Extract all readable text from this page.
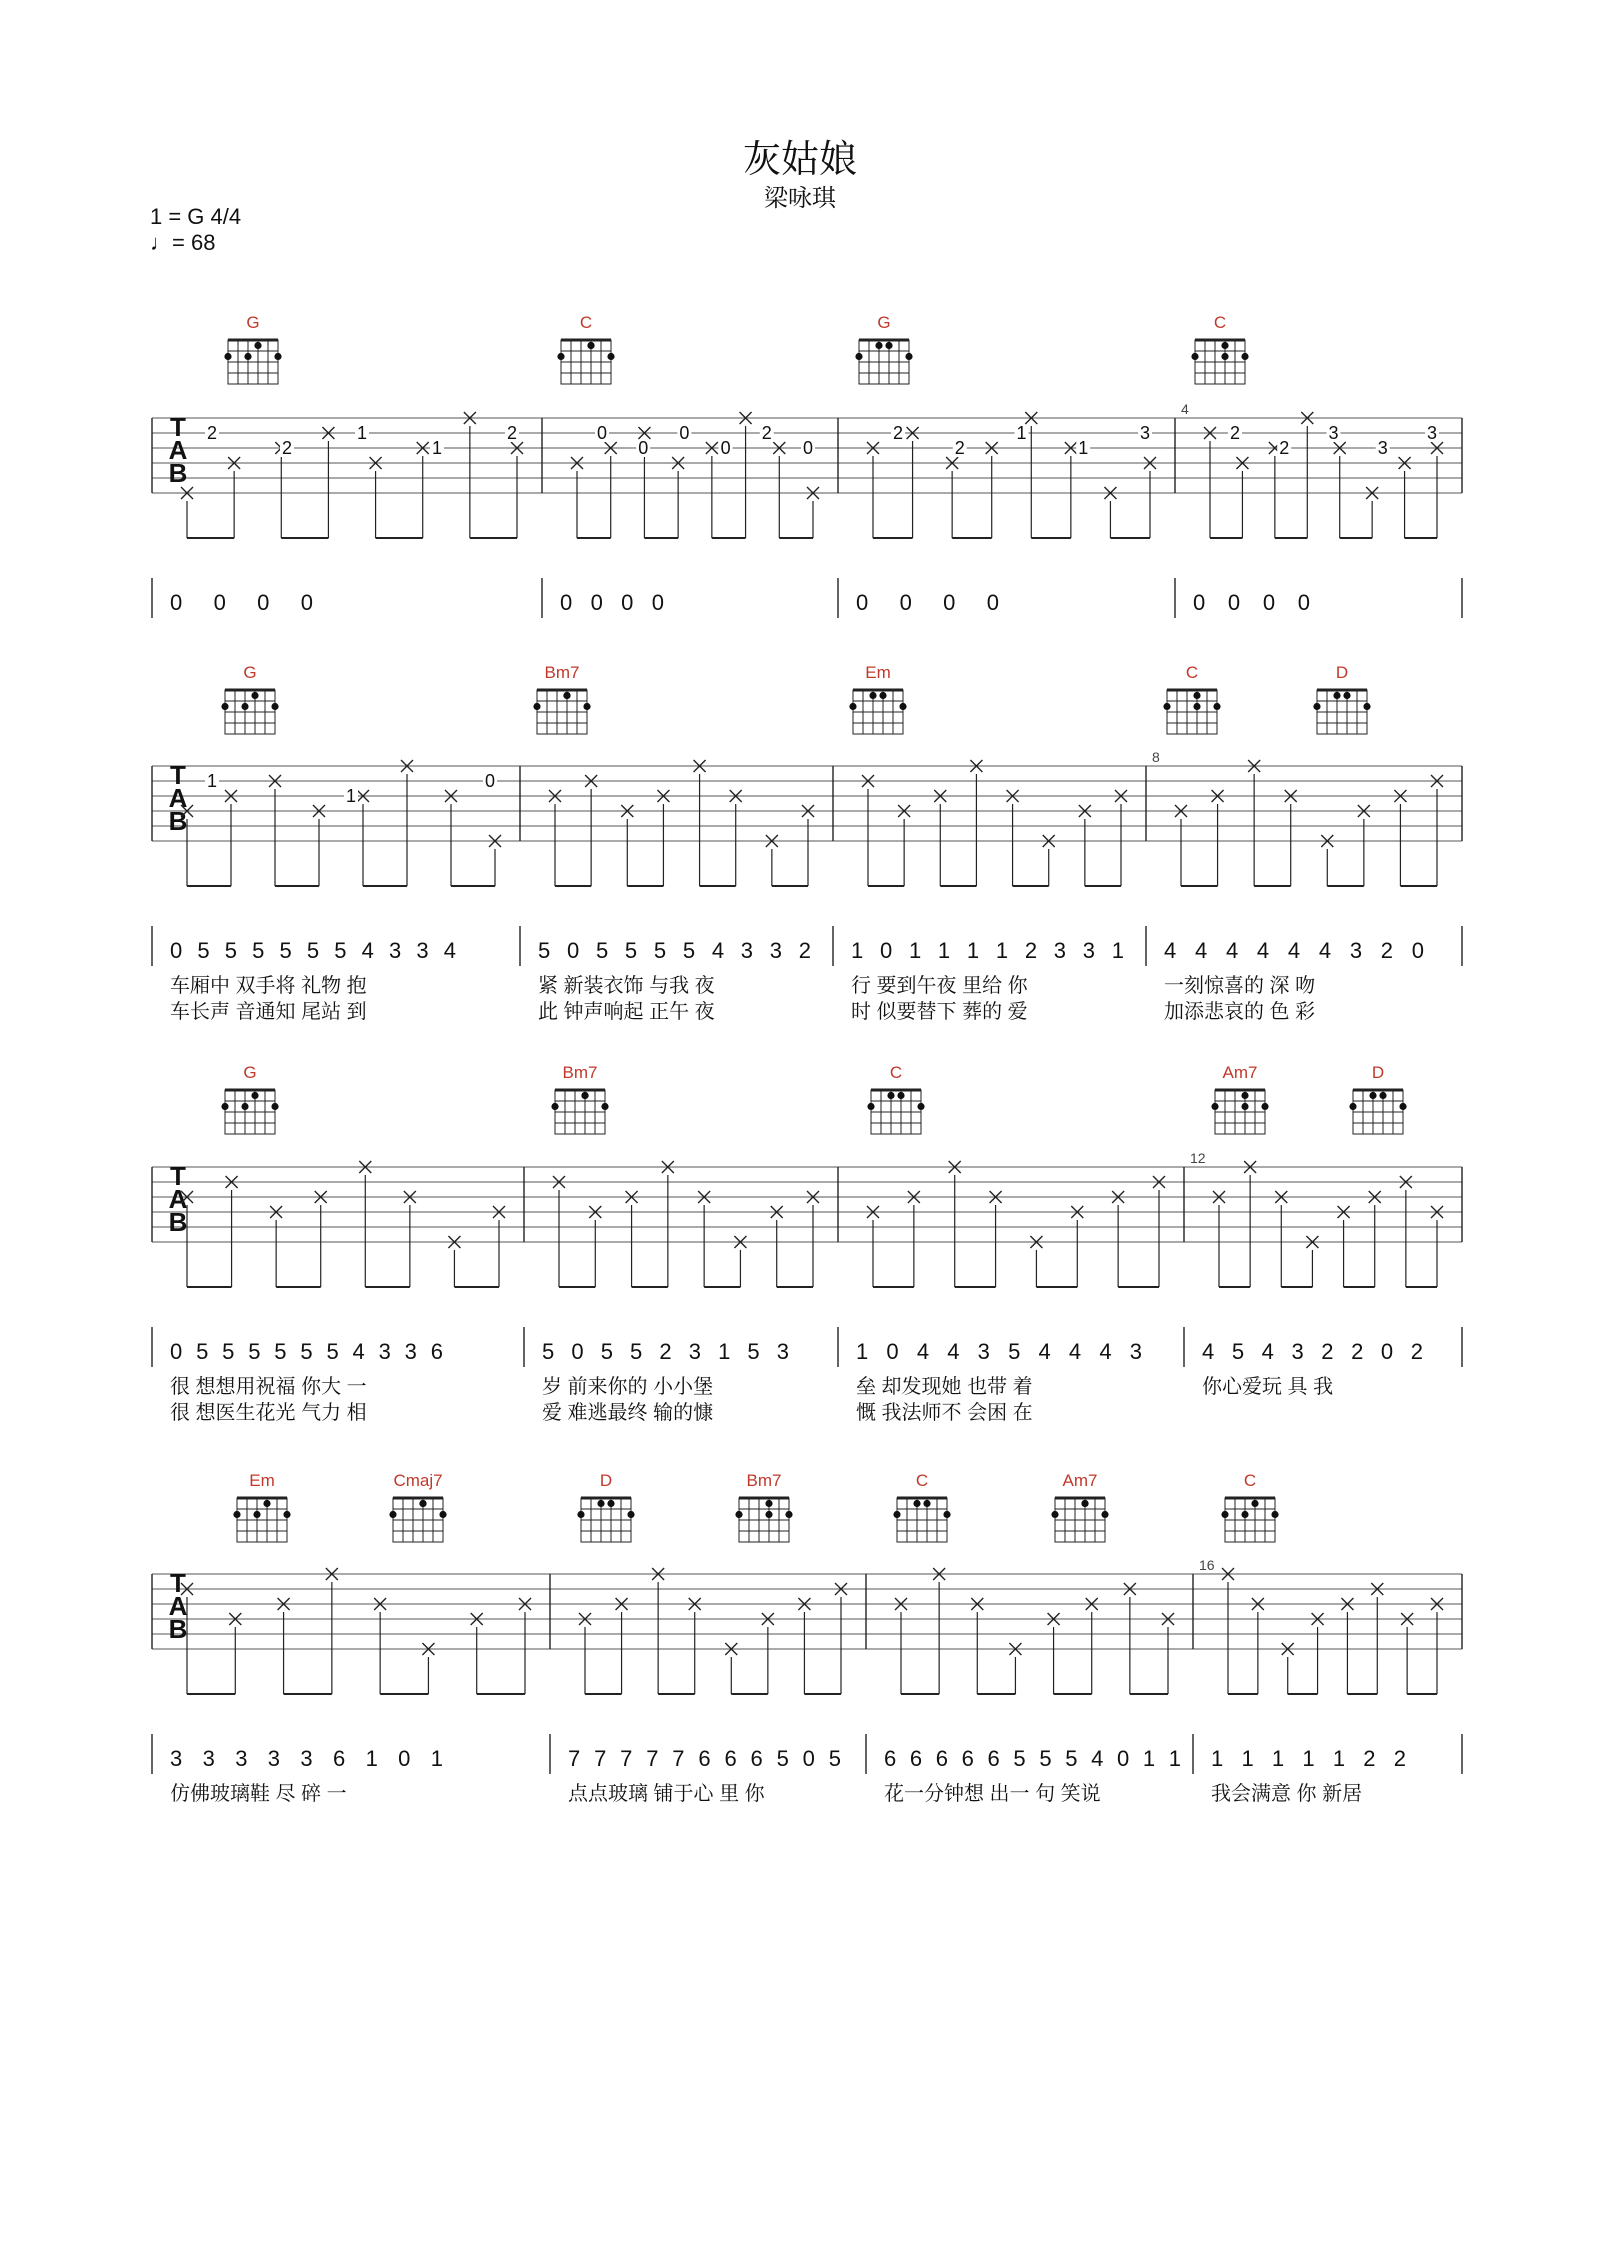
灰姑娘
梁咏琪
1 = G 4/4
♩= 68
G	C	G	C
T
A
B
2
2
1
1
2
0 0 0 0
0
0
0
0
2
0
0 0 0 0
2
2
1
1
3
0 0 0 0
4
2
2
3
3
3
0 0 0 0
G	Bm7	Em	C	D
T
A
B
1
1
0
0 5 5 5 5 5 5 4 3 3 4
车厢中 双手将 礼物 抱
车长声 音通知 尾站 到
5 0 5 5 5 5 4 3 3 2
紧 新装衣饰 与我 夜
此 钟声响起 正午 夜
1 0 1 1 1 1 2 3 3 1
行 要到午夜 里给 你
时 似要替下 葬的 爱
8
4 4 4 4 4 4 3 2 0
一刻惊喜的 深 吻
加添悲哀的 色 彩
G	Bm7	C	Am7	D
T
A
B
0 5 5 5 5 5 5 4 3 3 6
很 想想用祝福 你大 一
很 想医生花光 气力 相
5 0 5 5 2 3 1 5 3
岁 前来你的 小小堡
爱 难逃最终 输的慷
1 0 4 4 3 5 4 4 4 3
垒 却发现她 也带 着
慨 我法师不 会困 在
12
4 5 4 3 2 2 0 2
你心爱玩 具 我
Em	Cmaj7	D	Bm7	C	Am7	C
T
A
B
3 3 3 3 3 6 1 0 1
仿佛玻璃鞋 尽 碎 一
7 7 7 7 7 6 6 6 5 0 5
点点玻璃 铺于心 里 你
6 6 6 6 6 5 5 5 4 0 1 1
花一分钟想 出一 句 笑说
16
1 1 1 1 1 2 2
我会满意 你 新居
